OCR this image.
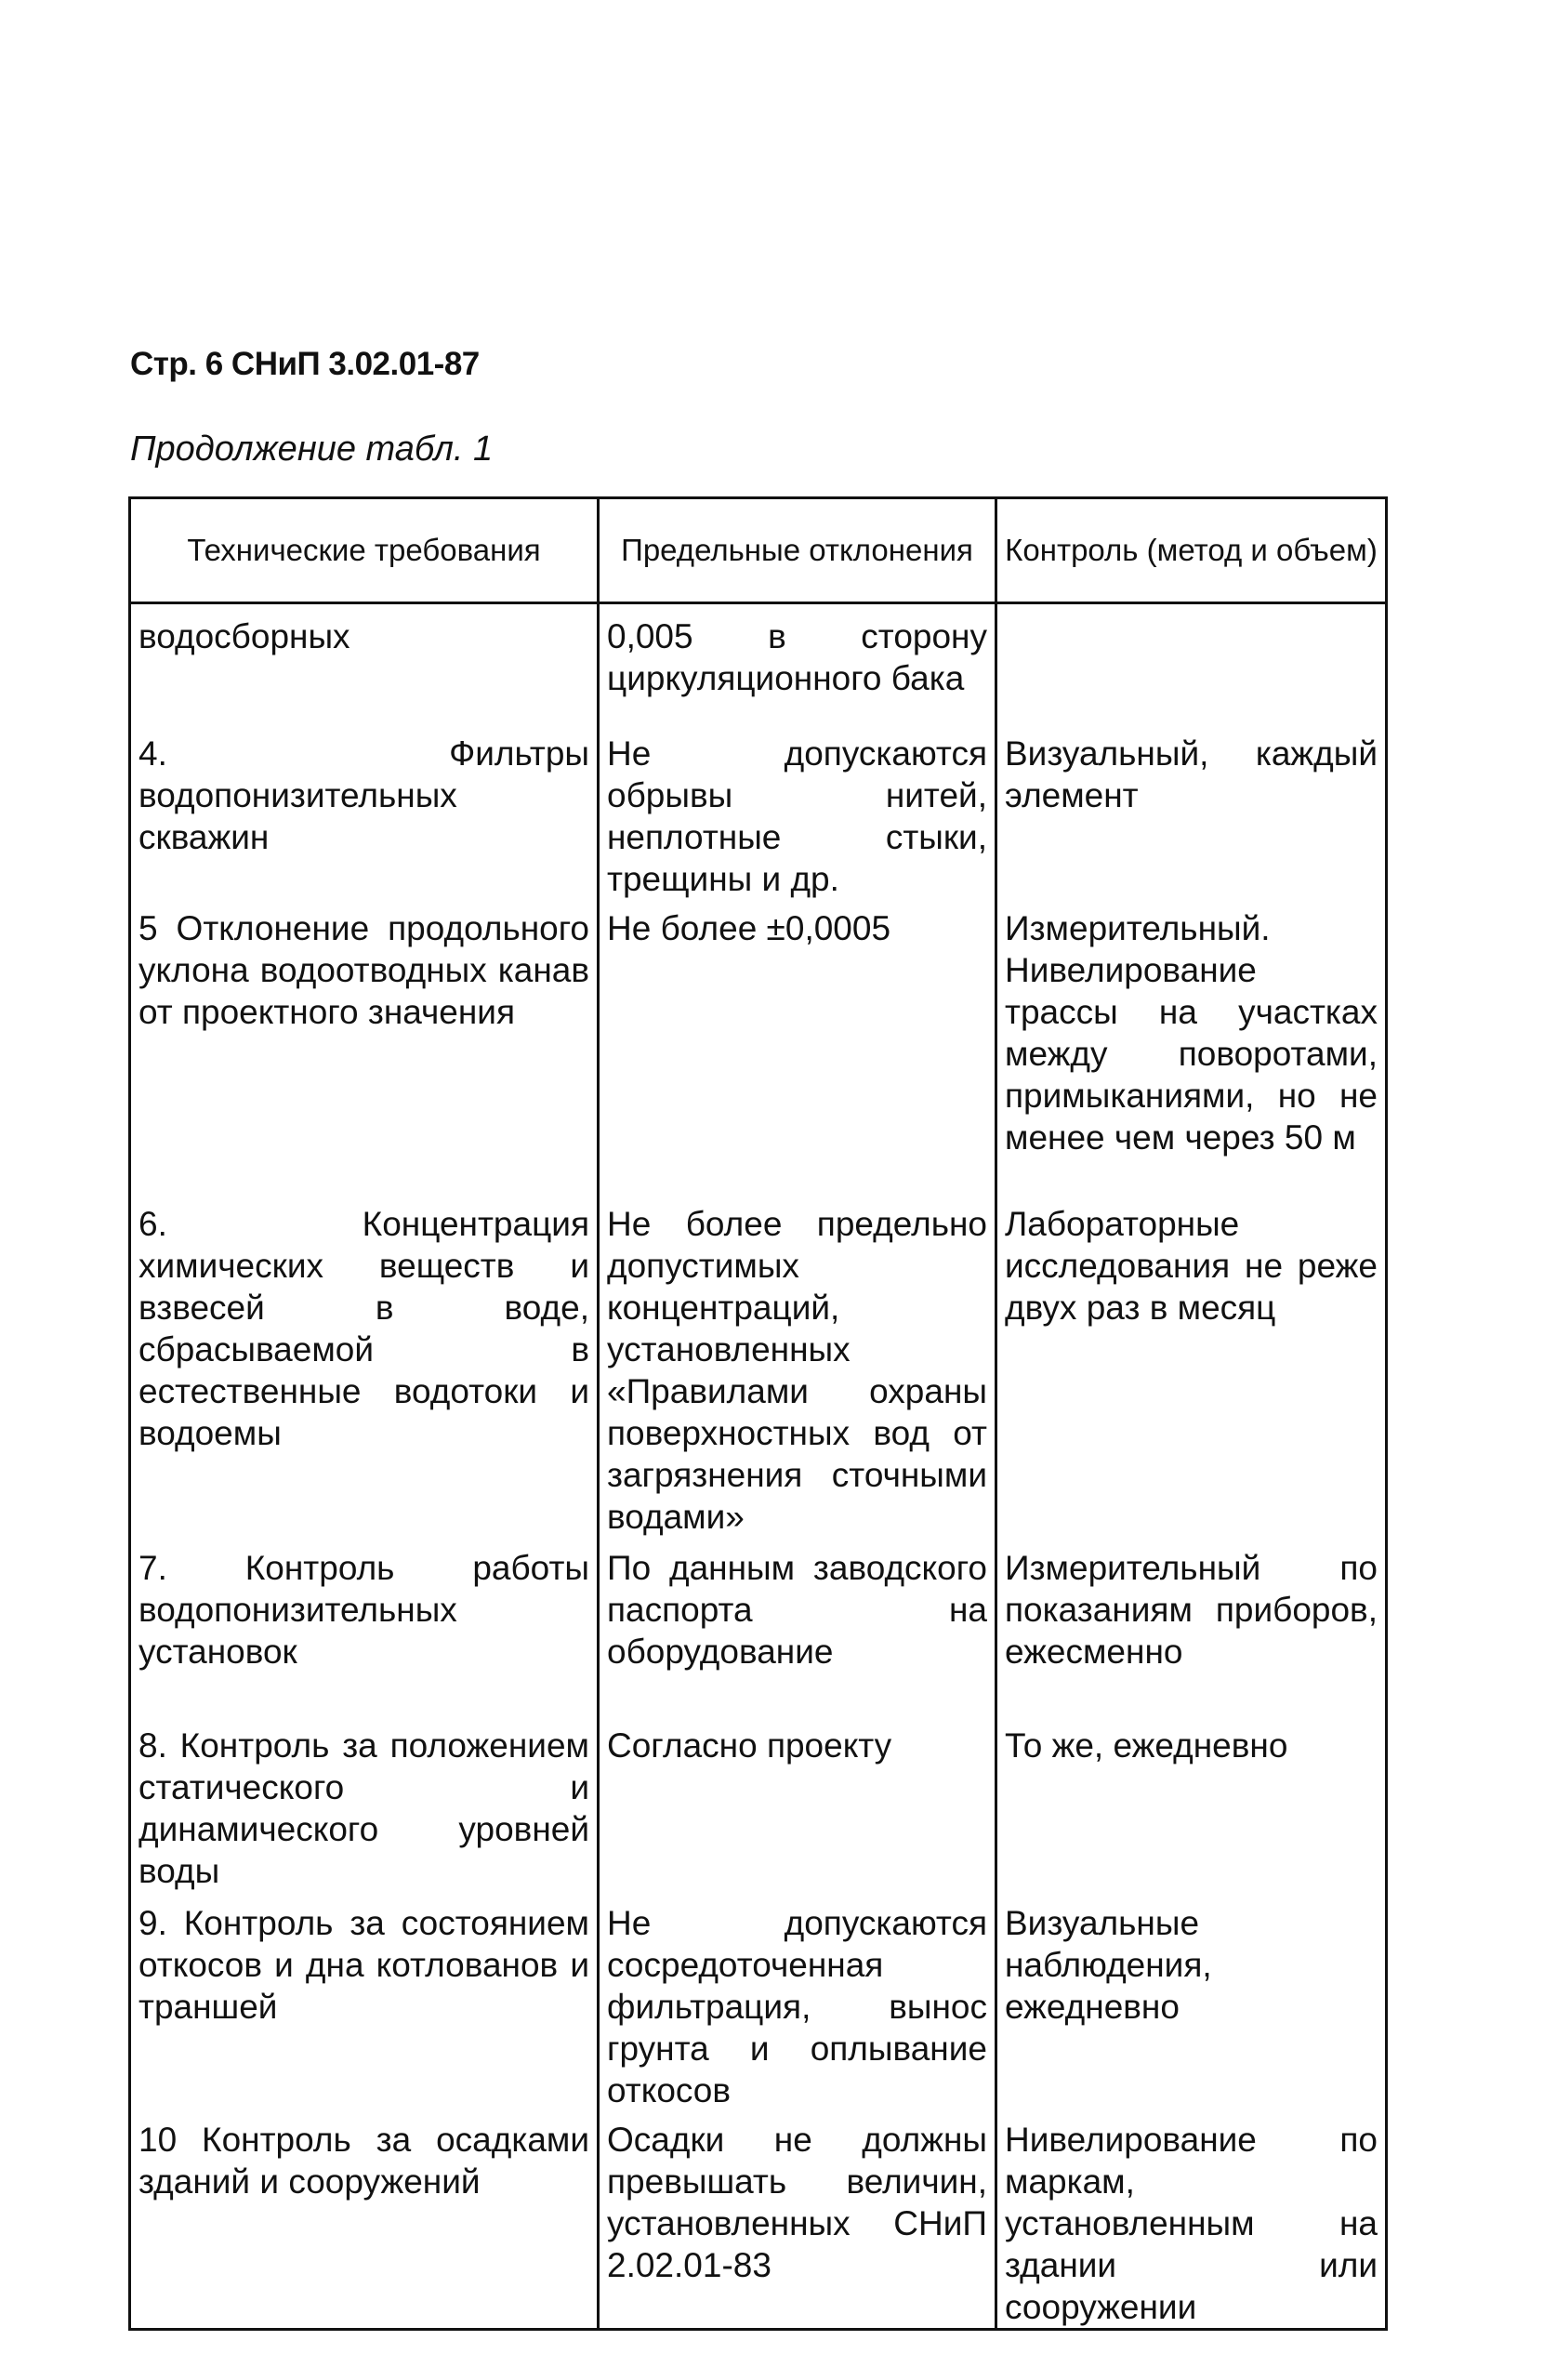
Стр. 6 СНиП 3.02.01-87
Продолжение табл. 1
Технические требования	Предельные отклонения	Контроль (метод и объем)
водосборных	0,005 в сторону циркуляционного бака	
4. Фильтры водопонизительных скважин	Не допускаются обрывы нитей, неплотные стыки, трещины и др.	Визуальный, каждый элемент
5 Отклонение продольного уклона водоотводных канав от проектного значения	Не более ±0,0005	Измерительный. Нивелирование трассы на участках между поворотами, примыканиями, но не менее чем через 50 м
6. Концентрация химических веществ и взвесей в воде, сбрасываемой в естественные водотоки и водоемы	Не более предельно допустимых концентраций, установленных «Правилами охраны поверхностных вод от загрязнения сточными водами»	Лабораторные исследования не реже двух раз в месяц
7. Контроль работы водопонизительных установок	По данным заводского паспорта на оборудование	Измерительный по показаниям приборов, ежесменно
8. Контроль за положением статического и динамического уровней воды	Согласно проекту	То же, ежедневно
9. Контроль за состоянием откосов и дна котлованов и траншей	Не допускаются сосредоточенная фильтрация, вынос грунта и оплывание откосов	Визуальные наблюдения, ежедневно
10 Контроль за осадками зданий и сооружений	Осадки не должны превышать величин, установленных СНиП 2.02.01-83	Нивелирование по маркам, установленным на здании или сооружении
